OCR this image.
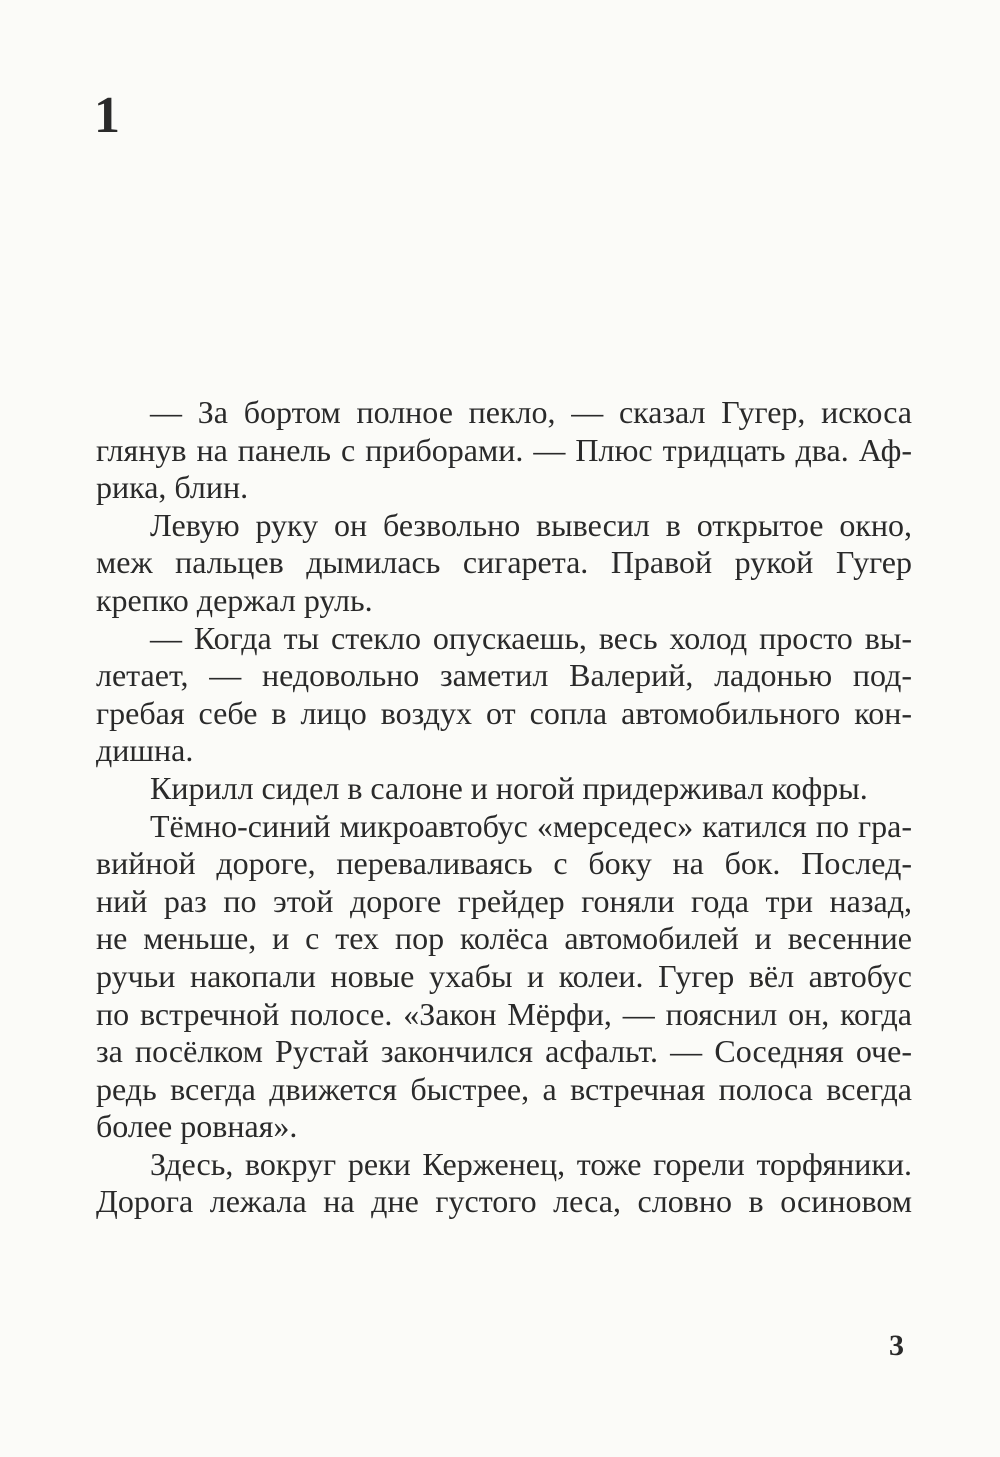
1
— За бортом полное пекло, — сказал Гугер, искоса
глянув на панель с приборами. — Плюс тридцать два. Аф-
рика, блин.
Левую руку он безвольно вывесил в открытое окно,
меж пальцев дымилась сигарета. Правой рукой Гугер
крепко держал руль.
— Когда ты стекло опускаешь, весь холод просто вы-
летает, — недовольно заметил Валерий, ладонью под-
гребая себе в лицо воздух от сопла автомобильного кон-
дишна.
Кирилл сидел в салоне и ногой придерживал кофры.
Тёмно-синий микроавтобус «мерседес» катился по гра-
вийной дороге, переваливаясь с боку на бок. Послед-
ний раз по этой дороге грейдер гоняли года три назад,
не меньше, и с тех пор колёса автомобилей и весенние
ручьи накопали новые ухабы и колеи. Гугер вёл автобус
по встречной полосе. «Закон Мёрфи, — пояснил он, когда
за посёлком Рустай закончился асфальт. — Соседняя оче-
редь всегда движется быстрее, а встречная полоса всегда
более ровная».
Здесь, вокруг реки Керженец, тоже горели торфяники.
Дорога лежала на дне густого леса, словно в осиновом
3
